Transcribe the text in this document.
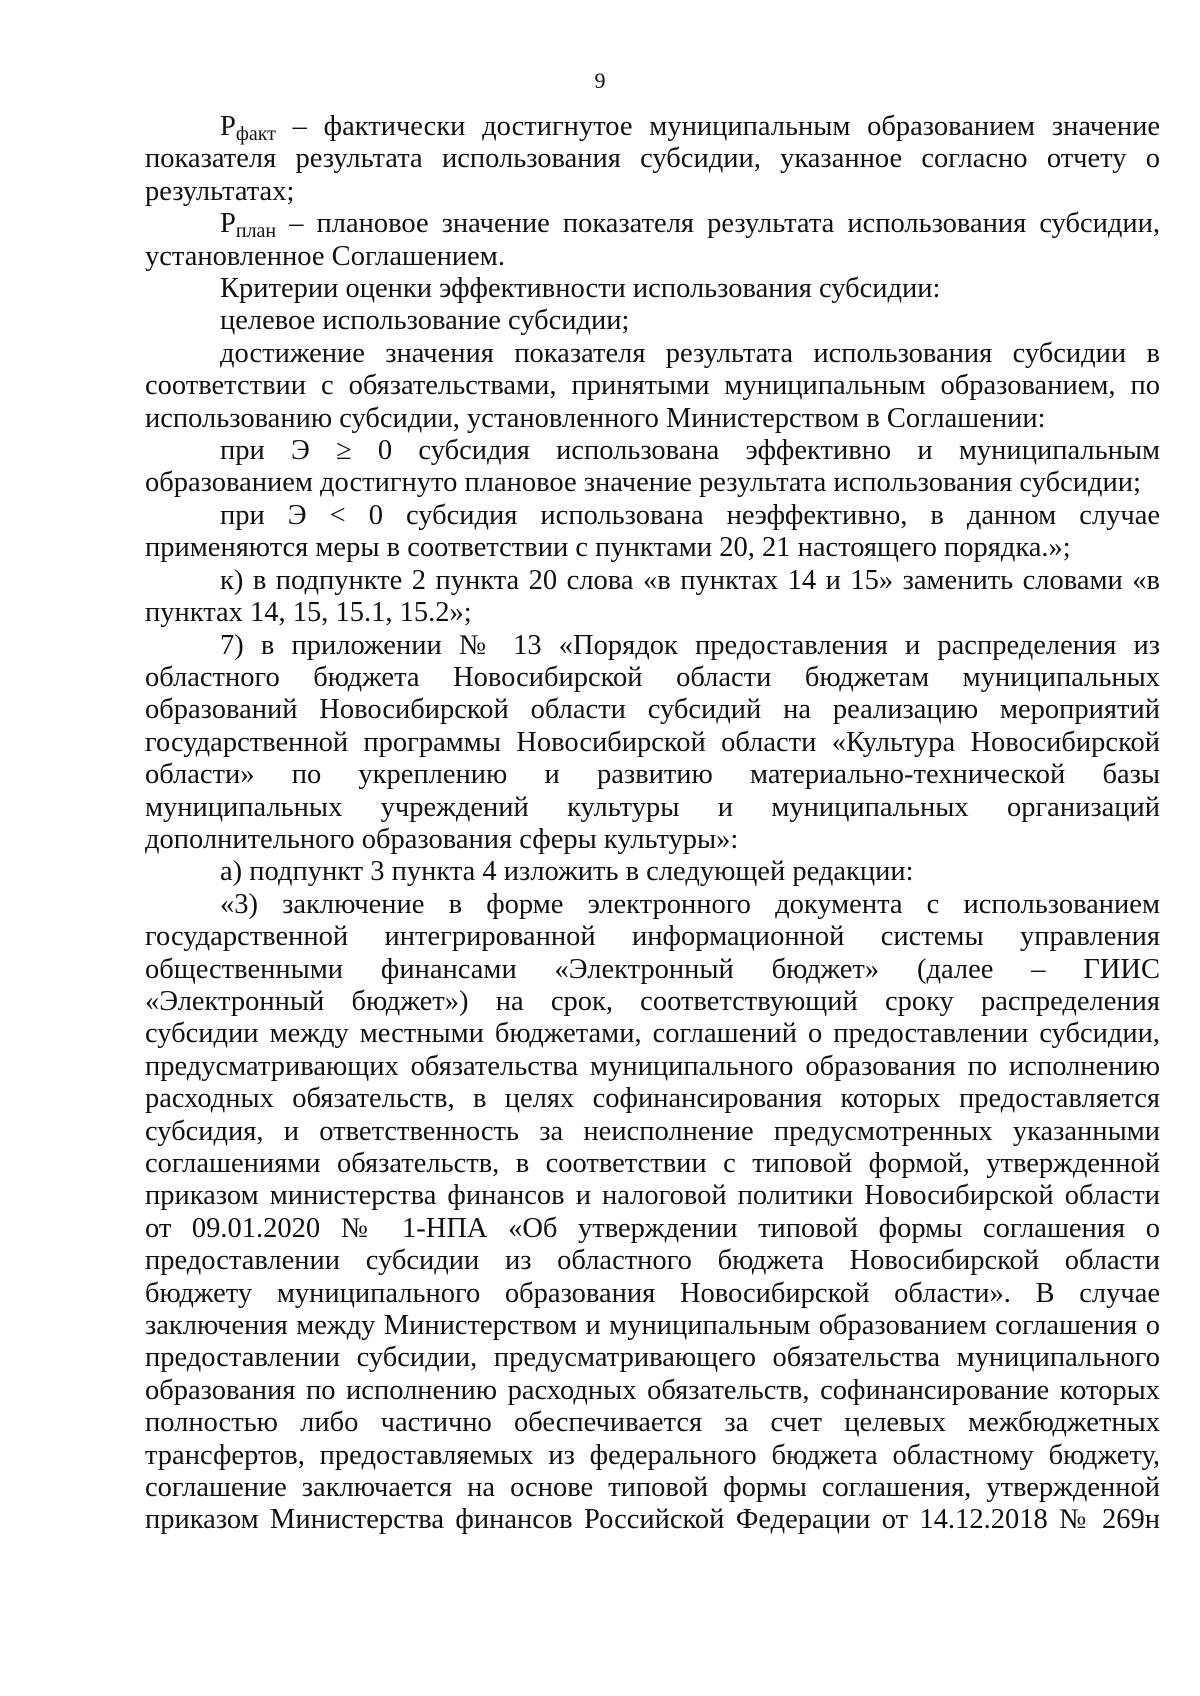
9

$Р_{факт}$ – фактически достигнутое муниципальным образованием значение показателя результата использования субсидии, указанное согласно отчету о результатах;

$Р_{план}$ – плановое значение показателя результата использования субсидии, установленное Соглашением.

Критерии оценки эффективности использования субсидии:

целевое использование субсидии;

достижение значения показателя результата использования субсидии в соответствии с обязательствами, принятыми муниципальным образованием, по использованию субсидии, установленного Министерством в Соглашении:

при Э ≥ 0 субсидия использована эффективно и муниципальным образованием достигнуто плановое значение результата использования субсидии;

при Э < 0 субсидия использована неэффективно, в данном случае применяются меры в соответствии с пунктами 20, 21 настоящего порядка.»;

к) в подпункте 2 пункта 20 слова «в пунктах 14 и 15» заменить словами «в пунктах 14, 15, 15.1, 15.2»;

7) в приложении № 13 «Порядок предоставления и распределения из областного бюджета Новосибирской области бюджетам муниципальных образований Новосибирской области субсидий на реализацию мероприятий государственной программы Новосибирской области «Культура Новосибирской области» по укреплению и развитию материально-технической базы муниципальных учреждений культуры и муниципальных организаций дополнительного образования сферы культуры»:

а) подпункт 3 пункта 4 изложить в следующей редакции:

«3) заключение в форме электронного документа с использованием государственной интегрированной информационной системы управления общественными финансами «Электронный бюджет» (далее – ГИИС «Электронный бюджет») на срок, соответствующий сроку распределения субсидии между местными бюджетами, соглашений о предоставлении субсидии, предусматривающих обязательства муниципального образования по исполнению расходных обязательств, в целях софинансирования которых предоставляется субсидия, и ответственность за неисполнение предусмотренных указанными соглашениями обязательств, в соответствии с типовой формой, утвержденной приказом министерства финансов и налоговой политики Новосибирской области от 09.01.2020 № 1-НПА «Об утверждении типовой формы соглашения о предоставлении субсидии из областного бюджета Новосибирской области бюджету муниципального образования Новосибирской области». В случае заключения между Министерством и муниципальным образованием соглашения о предоставлении субсидии, предусматривающего обязательства муниципального образования по исполнению расходных обязательств, софинансирование которых полностью либо частично обеспечивается за счет целевых межбюджетных трансфертов, предоставляемых из федерального бюджета областному бюджету, соглашение заключается на основе типовой формы соглашения, утвержденной приказом Министерства финансов Российской Федерации от 14.12.2018 № 269н
